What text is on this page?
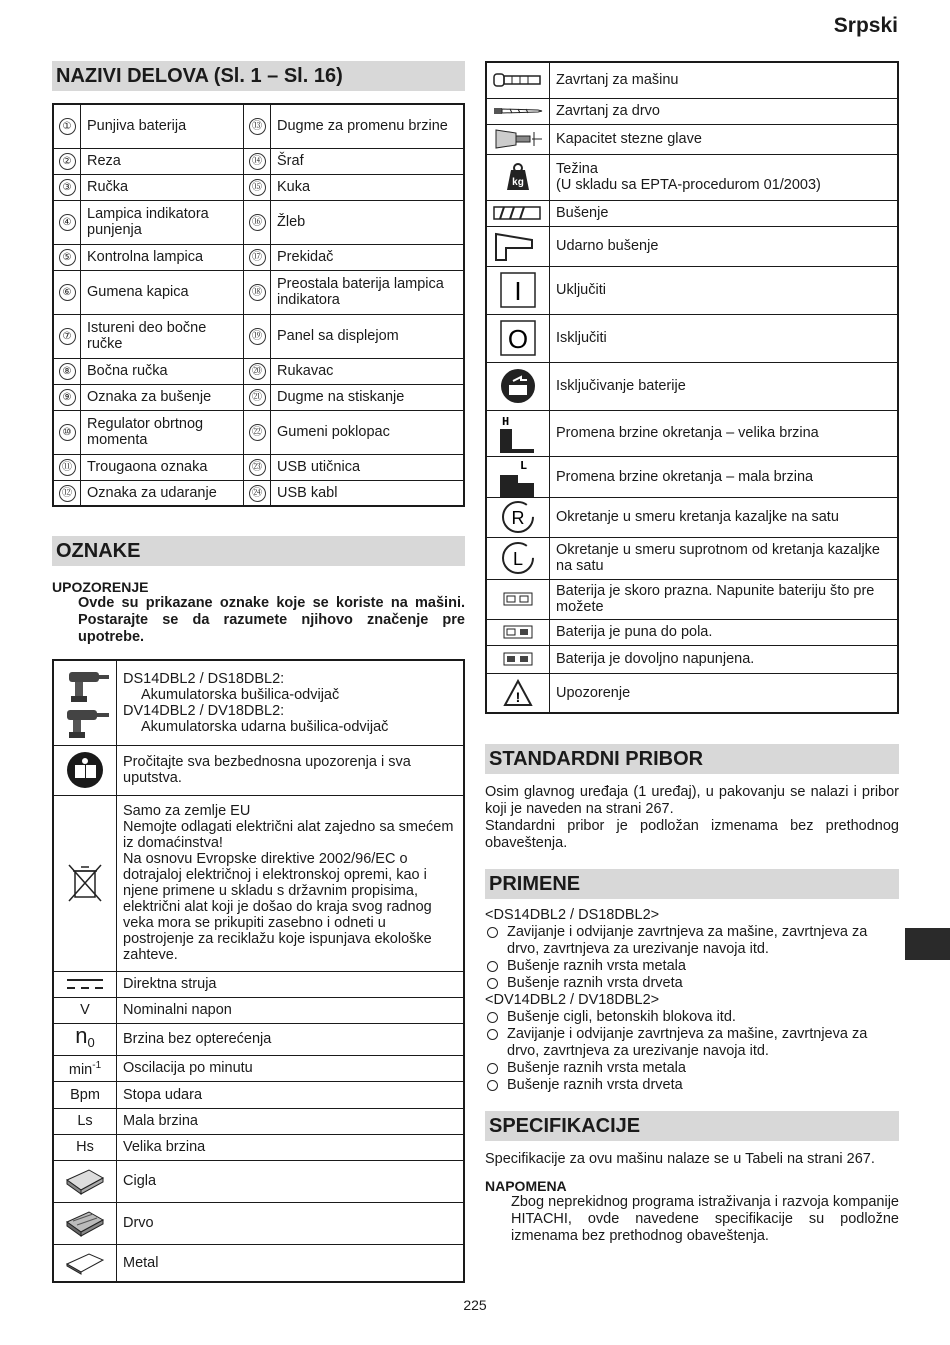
Srpski
NAZIVI DELOVA (Sl. 1 – Sl. 16)
①	Punjiva baterija	⑬	Dugme za promenu brzine
②	Reza	⑭	Šraf
③	Ručka	⑮	Kuka
④	Lampica indikatora punjenja	⑯	Žleb
⑤	Kontrolna lampica	⑰	Prekidač
⑥	Gumena kapica	⑱	Preostala baterija lampica indikatora
⑦	Istureni deo bočne ručke	⑲	Panel sa displejom
⑧	Bočna ručka	⑳	Rukavac
⑨	Oznaka za bušenje	㉑	Dugme na stiskanje
⑩	Regulator obrtnog momenta	㉒	Gumeni poklopac
⑪	Trougaona oznaka	㉓	USB utičnica
⑫	Oznaka za udaranje	㉔	USB kabl
OZNAKE
UPOZORENJE
Ovde su prikazane oznake koje se koriste na mašini. Postarajte se da razumete njihovo značenje pre upotrebe.

DS14DBL2 / DS18DBL2:
Akumulatorska bušilica-odvijač
DV14DBL2 / DV18DBL2:
Akumulatorska udarna bušilica-odvijač

	Pročitajte sva bezbednosna upozorenja i sva uputstva.

	Samo za zemlje EU
Nemojte odlagati električni alat zajedno sa smećem iz domaćinstva!
Na osnovu Evropske direktive 2002/96/EC o dotrajaloj električnoj i elektronskoj opremi, kao i njene primene u skladu s državnim propisima, električni alat koji je došao do kraja svog radnog veka mora se prikupiti zasebno i odneti u postrojenje za reciklažu koje ispunjava ekološke zahteve.

	Direktna struja
V	Nominalni napon
$n_0$	Brzina bez opterećenja
$\min^{-1}$	Oscilacija po minutu
Bpm	Stopa udara
Ls	Mala brzina
Hs	Velika brzina

	Cigla

	Drvo

	Metal
	Zavrtanj za mašinu

	Zavrtanj za drvo

	Kapacitet stezne glave

kg	Težina
(U skladu sa EPTA-procedurom 01/2003)

	Bušenje

	Udarno bušenje

I	Uključiti

O	Isključiti

	Isključivanje baterije

H	Promena brzine okretanja – velika brzina

L	Promena brzine okretanja – mala brzina

R	Okretanje u smeru kretanja kazaljke na satu

L	Okretanje u smeru suprotnom od kretanja kazaljke na satu

	Baterija je skoro prazna. Napunite bateriju što pre možete

	Baterija je puna do pola.

	Baterija je dovoljno napunjena.

!	Upozorenje
STANDARDNI PRIBOR

Osim glavnog uređaja (1 uređaj), u pakovanju se nalazi i pribor koji je naveden na strani 267.

Standardni pribor je podložan izmenama bez prethodnog obaveštenja.

PRIMENE

<DS14DBL2 / DS18DBL2>

Zavijanje i odvijanje zavrtnjeva za mašine, zavrtnjeva za drvo, zavrtnjeva za urezivanje navoja itd.

Bušenje raznih vrsta metala

Bušenje raznih vrsta drveta

<DV14DBL2 / DV18DBL2>

Bušenje cigli, betonskih blokova itd.

Zavijanje i odvijanje zavrtnjeva za mašine, zavrtnjeva za drvo, zavrtnjeva za urezivanje navoja itd.

Bušenje raznih vrsta metala

Bušenje raznih vrsta drveta

SPECIFIKACIJE

Specifikacije za ovu mašinu nalaze se u Tabeli na strani 267.

NAPOMENA

Zbog neprekidnog programa istraživanja i razvoja kompanije HITACHI, ovde navedene specifikacije su podložne izmenama bez prethodnog obaveštenja.

225
